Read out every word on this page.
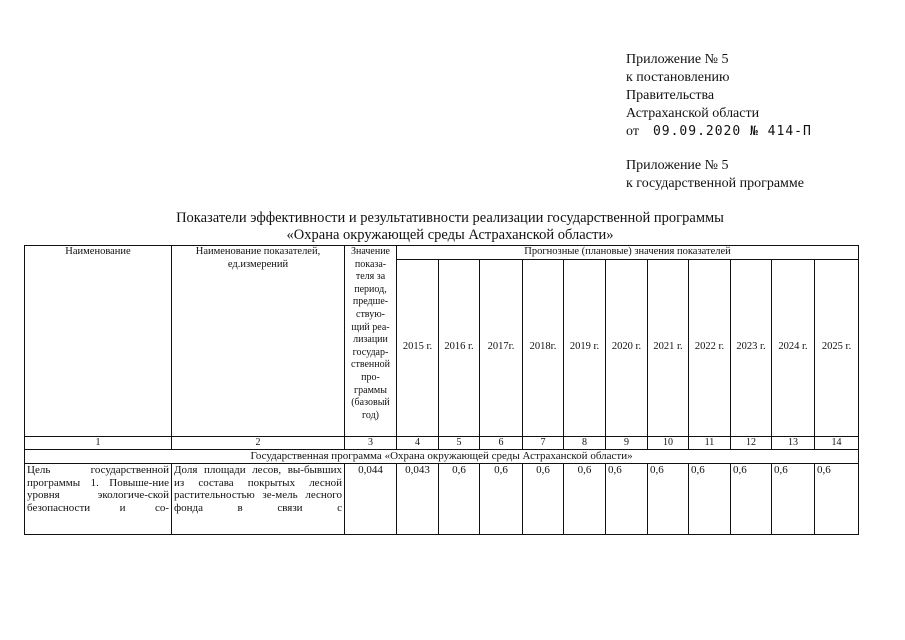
Приложение № 5
к постановлению
Правительства
Астраханской области
от 09.09.2020 № 414-П
Приложение № 5
к государственной программе
Показатели эффективности и результативности реализации государственной программы
«Охрана окружающей среды Астраханской области»
Наименование	Наименование показателей, ед.измерений	Значение показа-теля за период, предше-ствую-щий реа-лизации государ-ственной про-граммы (базовый год)	Прогнозные (плановые) значения показателей										
			2015 г.	2016 г.	2017г.	2018г.	2019 г.	2020 г.	2021 г.	2022 г.	2023 г.	2024 г.	2025 г.
1	2	3	4	5	6	7	8	9	10	11	12	13	14
Государственная программа «Охрана окружающей среды Астраханской области»													
Цель государственной программы 1. Повыше-ние уровня экологиче-ской безопасности и со-	Доля площади лесов, вы-бывших из состава покрытых лесной растительностью зе-мель лесного фонда в связи с	0,044	0,043	0,6	0,6	0,6	0,6	0,6	0,6	0,6	0,6	0,6	0,6
